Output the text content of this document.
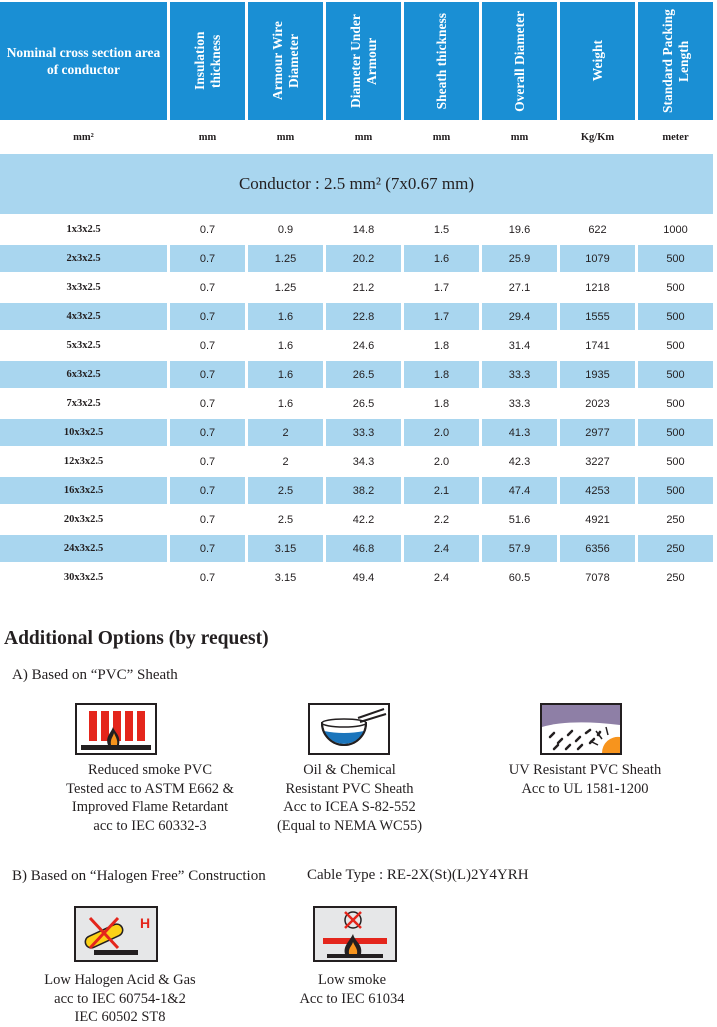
Nominal cross section area of conductor	Insulation thickness	Armour Wire Diameter	Diameter Under Armour	Sheath thickness	Overall Diameter	Weight	Standard Packing Length

mm²	mm	mm	mm	mm	mm	Kg/Km	meter
Conductor : 2.5 mm² (7x0.67 mm)							
1x3x2.5	0.7	0.9	14.8	1.5	19.6	622	1000
2x3x2.5	0.7	1.25	20.2	1.6	25.9	1079	500
3x3x2.5	0.7	1.25	21.2	1.7	27.1	1218	500
4x3x2.5	0.7	1.6	22.8	1.7	29.4	1555	500
5x3x2.5	0.7	1.6	24.6	1.8	31.4	1741	500
6x3x2.5	0.7	1.6	26.5	1.8	33.3	1935	500
7x3x2.5	0.7	1.6	26.5	1.8	33.3	2023	500
10x3x2.5	0.7	2	33.3	2.0	41.3	2977	500
12x3x2.5	0.7	2	34.3	2.0	42.3	3227	500
16x3x2.5	0.7	2.5	38.2	2.1	47.4	4253	500
20x3x2.5	0.7	2.5	42.2	2.2	51.6	4921	250
24x3x2.5	0.7	3.15	46.8	2.4	57.9	6356	250
30x3x2.5	0.7	3.15	49.4	2.4	60.5	7078	250
Additional Options (by request)
A) Based on “PVC” Sheath
Reduced smoke PVC
Tested acc to ASTM E662 &
Improved Flame Retardant
acc to IEC 60332-3
Oil & Chemical
Resistant PVC Sheath
Acc to ICEA S-82-552
(Equal to NEMA WC55)
UV Resistant PVC Sheath
Acc to UL 1581-1200
B) Based on “Halogen Free” Construction	Cable Type : RE-2X(St)(L)2Y4YRH
H
Low Halogen Acid & Gas
acc to IEC 60754-1&2
IEC 60502 ST8
Low smoke
Acc to IEC 61034
